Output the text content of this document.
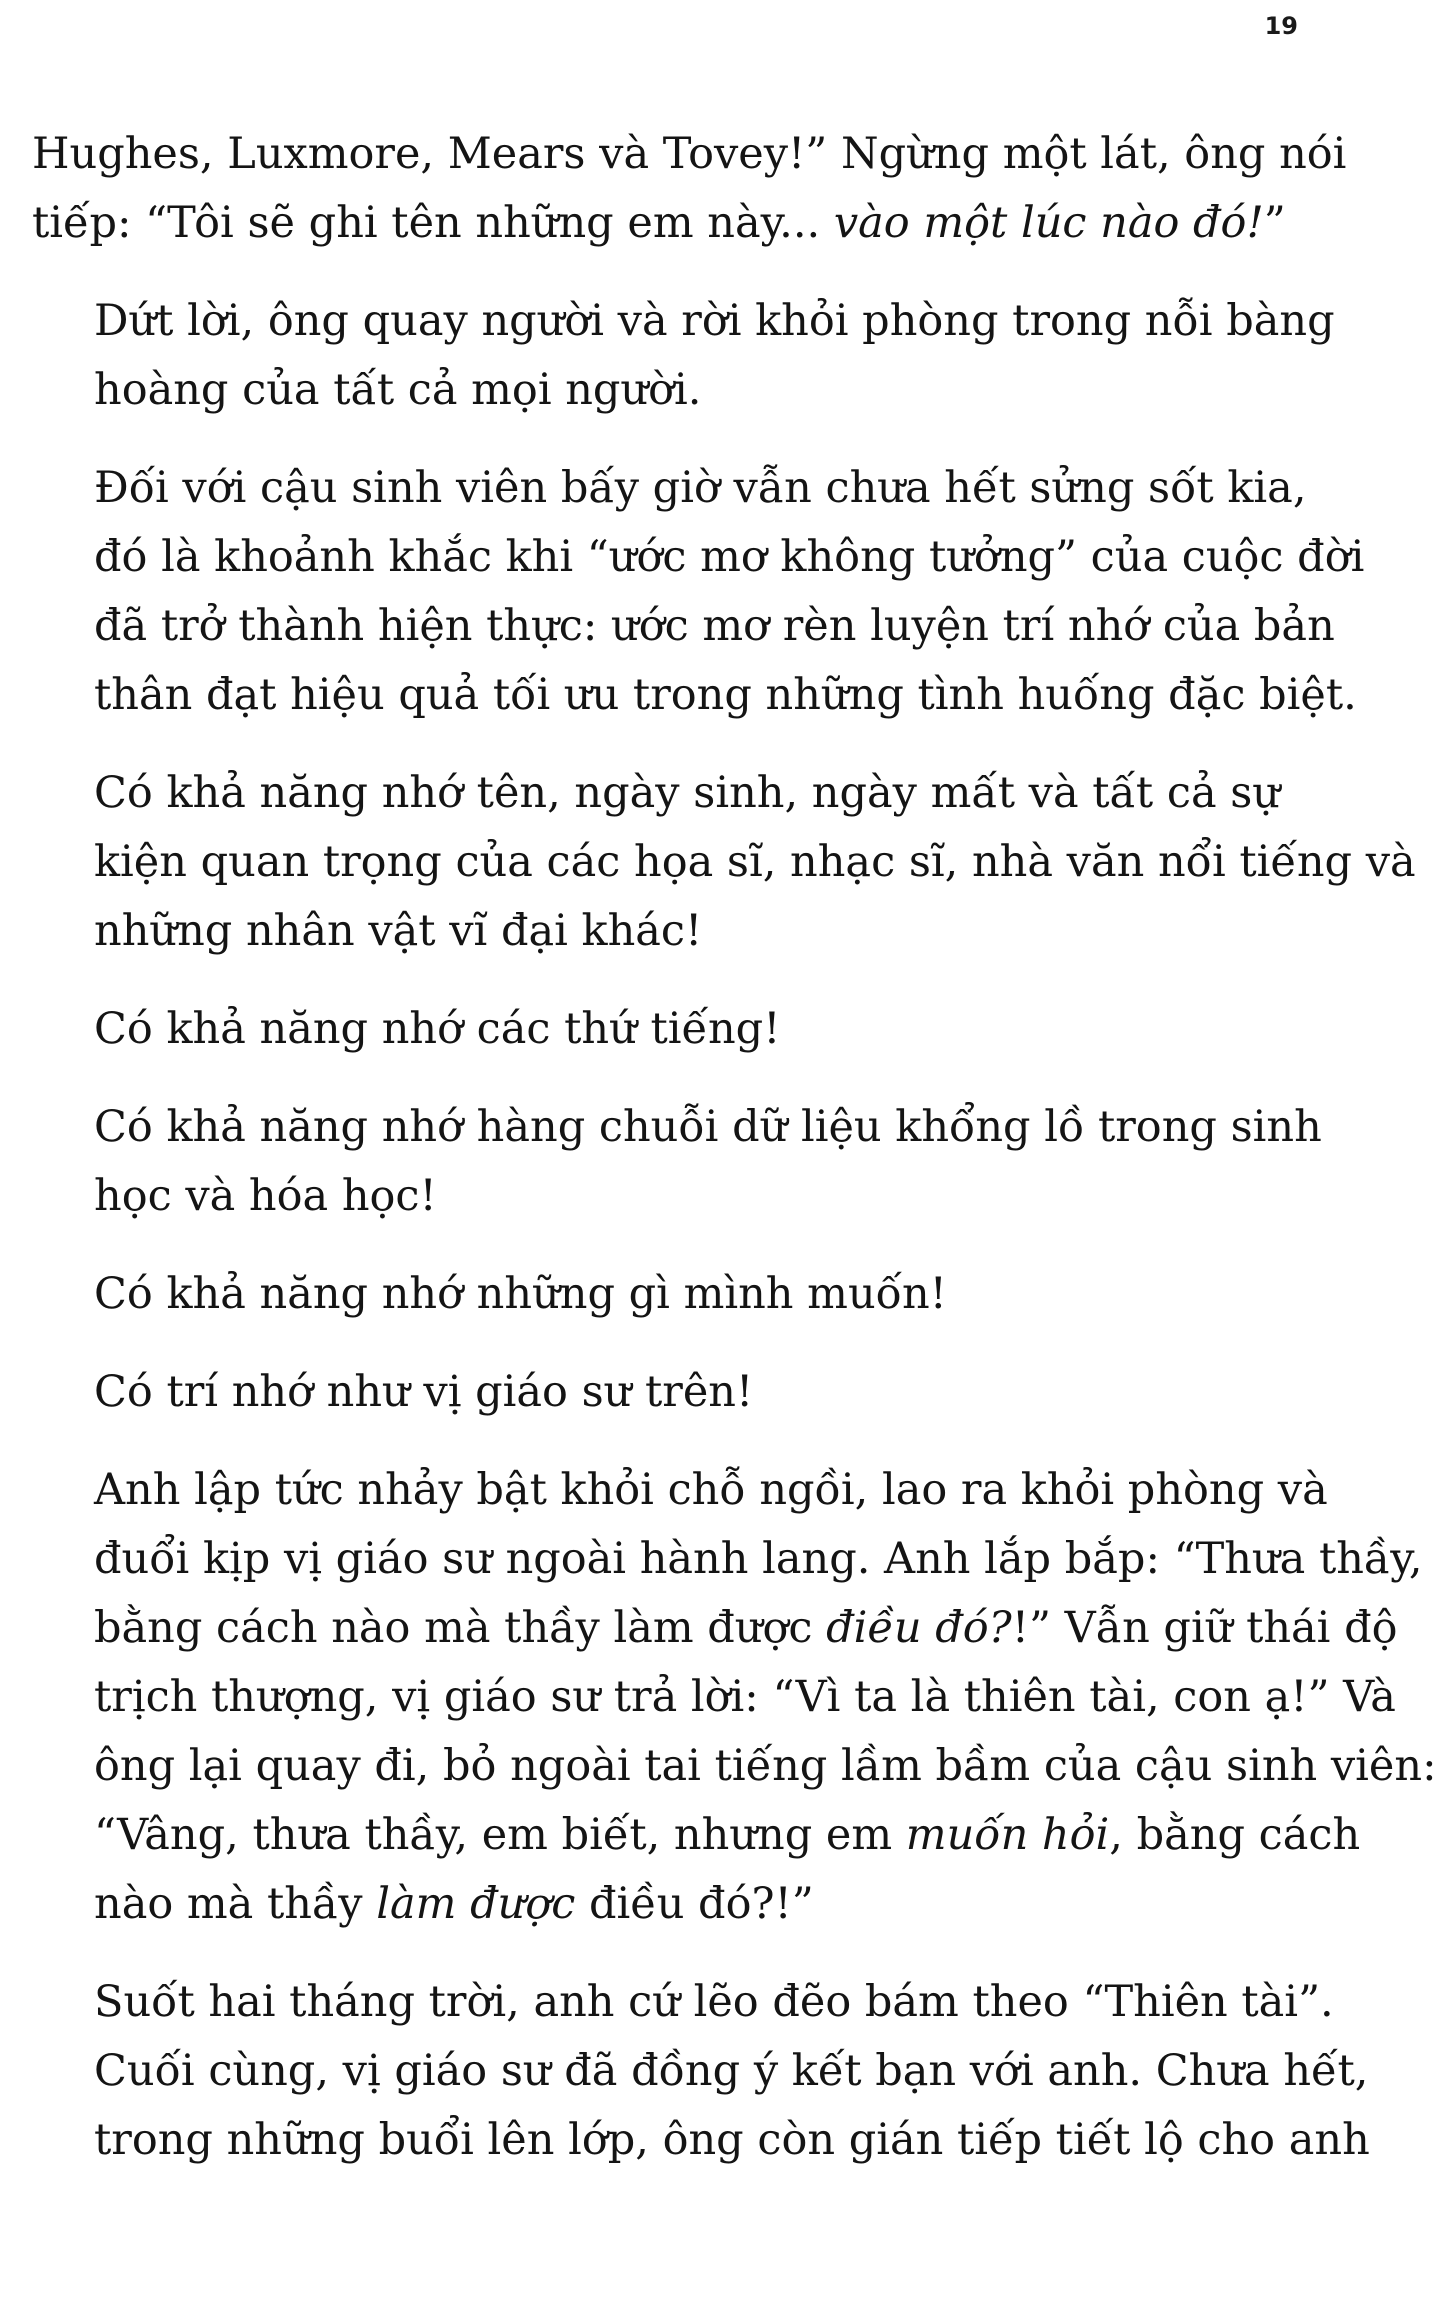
19

Hughes, Luxmore, Mears và Tovey!” Ngừng một lát, ông nói
tiếp: “Tôi sẽ ghi tên những em này... vào một lúc nào đó!”

Dứt lời, ông quay người và rời khỏi phòng trong nỗi bàng
hoàng của tất cả mọi người.

Đối với cậu sinh viên bấy giờ vẫn chưa hết sửng sốt kia,
đó là khoảnh khắc khi “ước mơ không tưởng” của cuộc đời
đã trở thành hiện thực: ước mơ rèn luyện trí nhớ của bản
thân đạt hiệu quả tối ưu trong những tình huống đặc biệt.

Có khả năng nhớ tên, ngày sinh, ngày mất và tất cả sự
kiện quan trọng của các họa sĩ, nhạc sĩ, nhà văn nổi tiếng và
những nhân vật vĩ đại khác!

Có khả năng nhớ các thứ tiếng!

Có khả năng nhớ hàng chuỗi dữ liệu khổng lồ trong sinh
học và hóa học!

Có khả năng nhớ những gì mình muốn!

Có trí nhớ như vị giáo sư trên!

Anh lập tức nhảy bật khỏi chỗ ngồi, lao ra khỏi phòng và
đuổi kịp vị giáo sư ngoài hành lang. Anh lắp bắp: “Thưa thầy,
bằng cách nào mà thầy làm được điều đó?!” Vẫn giữ thái độ
trịch thượng, vị giáo sư trả lời: “Vì ta là thiên tài, con ạ!” Và
ông lại quay đi, bỏ ngoài tai tiếng lầm bầm của cậu sinh viên:
“Vâng, thưa thầy, em biết, nhưng em muốn hỏi, bằng cách
nào mà thầy làm được điều đó?!”

Suốt hai tháng trời, anh cứ lẽo đẽo bám theo “Thiên tài”.
Cuối cùng, vị giáo sư đã đồng ý kết bạn với anh. Chưa hết,
trong những buổi lên lớp, ông còn gián tiếp tiết lộ cho anh
